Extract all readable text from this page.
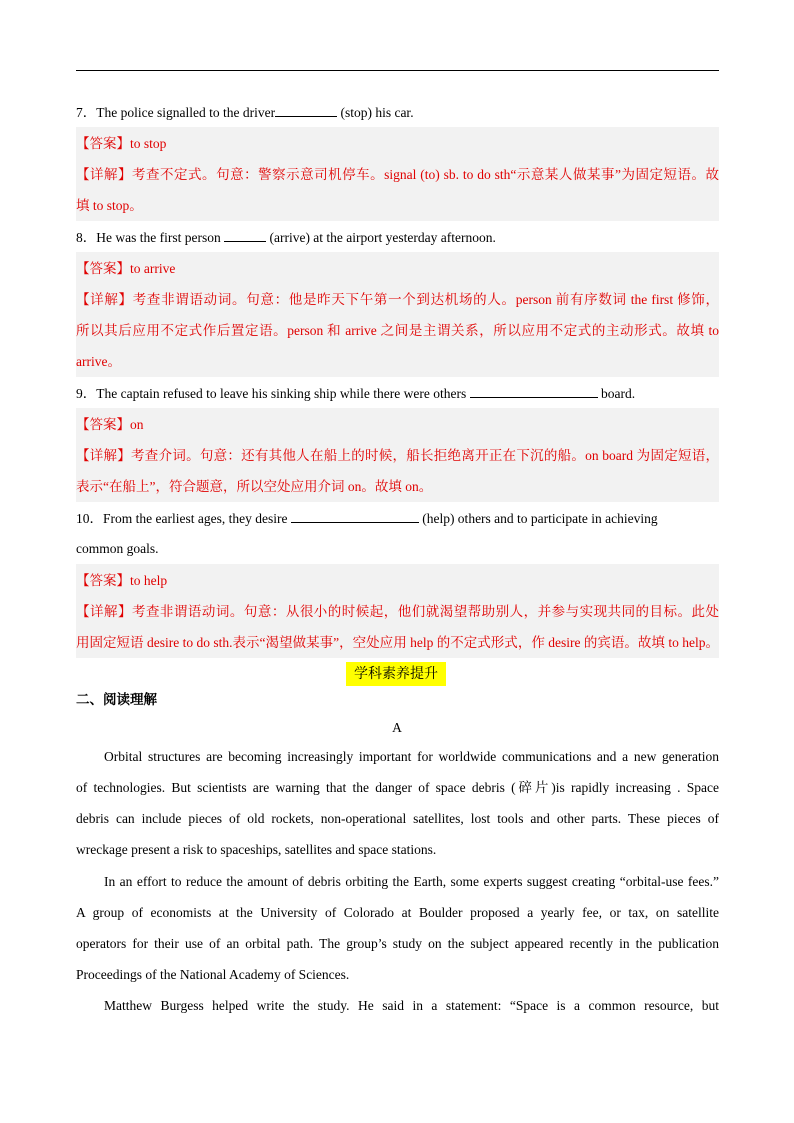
7．The police signalled to the driver	(stop) his car.
【答案】to stop
【详解】考查不定式。句意：警察示意司机停车。signal (to) sb. to do sth“示意某人做某事”为固定短语。故
填 to stop。
8．He was the first person	(arrive) at the airport yesterday afternoon.
【答案】to arrive
【详解】考查非谓语动词。句意：他是昨天下午第一个到达机场的人。person 前有序数词 the first 修饰，
所以其后应用不定式作后置定语。person 和 arrive 之间是主谓关系，所以应用不定式的主动形式。故填 to
arrive。
9．The captain refused to leave his sinking ship while there were others	board.
【答案】on
【详解】考查介词。句意：还有其他人在船上的时候，船长拒绝离开正在下沉的船。on board 为固定短语，
表示“在船上”，符合题意，所以空处应用介词 on。故填 on。
10．From the earliest ages, they desire	(help) others and to participate in achieving
common goals.
【答案】to help
【详解】考查非谓语动词。句意：从很小的时候起，他们就渴望帮助别人，并参与实现共同的目标。此处
用固定短语 desire to do sth.表示“渴望做某事”，空处应用 help 的不定式形式，作 desire 的宾语。故填 to help。
学科素养提升
二、阅读理解
A
Orbital structures are becoming increasingly important for worldwide communications and a new generation
of technologies. But scientists are warning that the danger of space debris (碎片)is rapidly increasing . Space
debris can include pieces of old rockets, non-operational satellites, lost tools and other parts. These pieces of
wreckage present a risk to spaceships, satellites and space stations.
In an effort to reduce the amount of debris orbiting the Earth, some experts suggest creating “orbital-use fees.”
A group of economists at the University of Colorado at Boulder proposed a yearly fee, or tax, on satellite
operators for their use of an orbital path. The group’s study on the subject appeared recently in the publication
Proceedings of the National Academy of Sciences.
Matthew Burgess helped write the study. He said in a statement: “Space is a common resource, but
